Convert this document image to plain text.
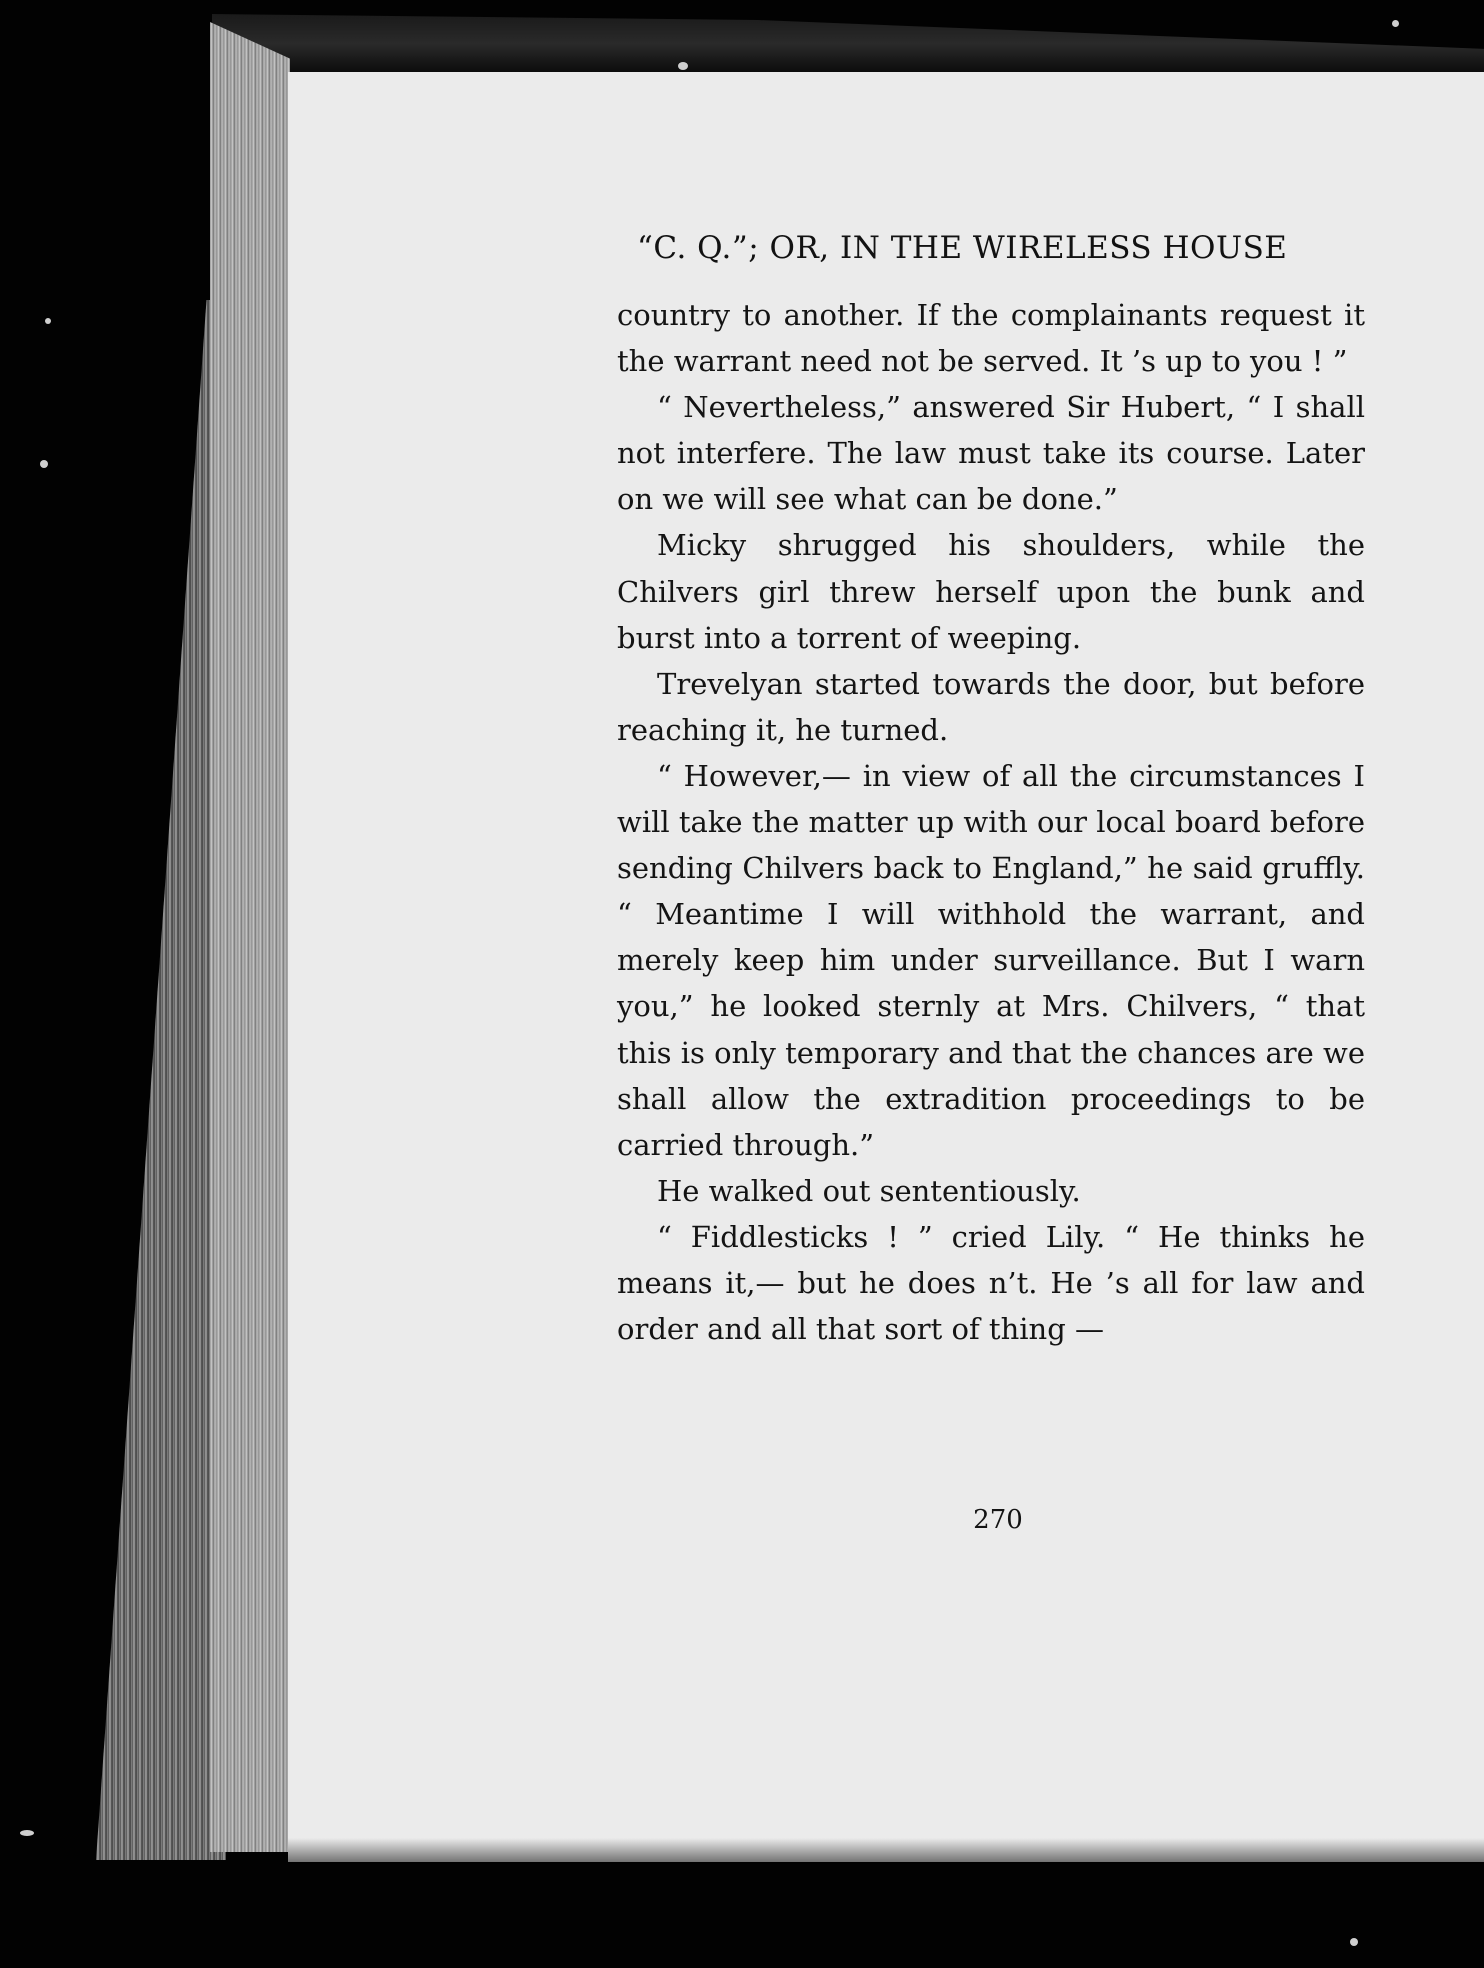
“C. Q.”; OR, IN THE WIRELESS HOUSE

country to another. If the complainants request it the warrant need not be served. It ’s up to you ! ”

“ Nevertheless,” answered Sir Hubert, “ I shall not interfere. The law must take its course. Later on we will see what can be done.”

Micky shrugged his shoulders, while the Chilvers girl threw herself upon the bunk and burst into a torrent of weeping.

Trevelyan started towards the door, but before reaching it, he turned.

“ However,— in view of all the circumstances I will take the matter up with our local board before sending Chilvers back to England,” he said gruffly. “ Meantime I will withhold the warrant, and merely keep him under surveillance. But I warn you,” he looked sternly at Mrs. Chilvers, “ that this is only temporary and that the chances are we shall allow the extradition proceedings to be carried through.”

He walked out sententiously.

“ Fiddlesticks ! ” cried Lily. “ He thinks he means it,— but he does n’t. He ’s all for law and order and all that sort of thing —

270
